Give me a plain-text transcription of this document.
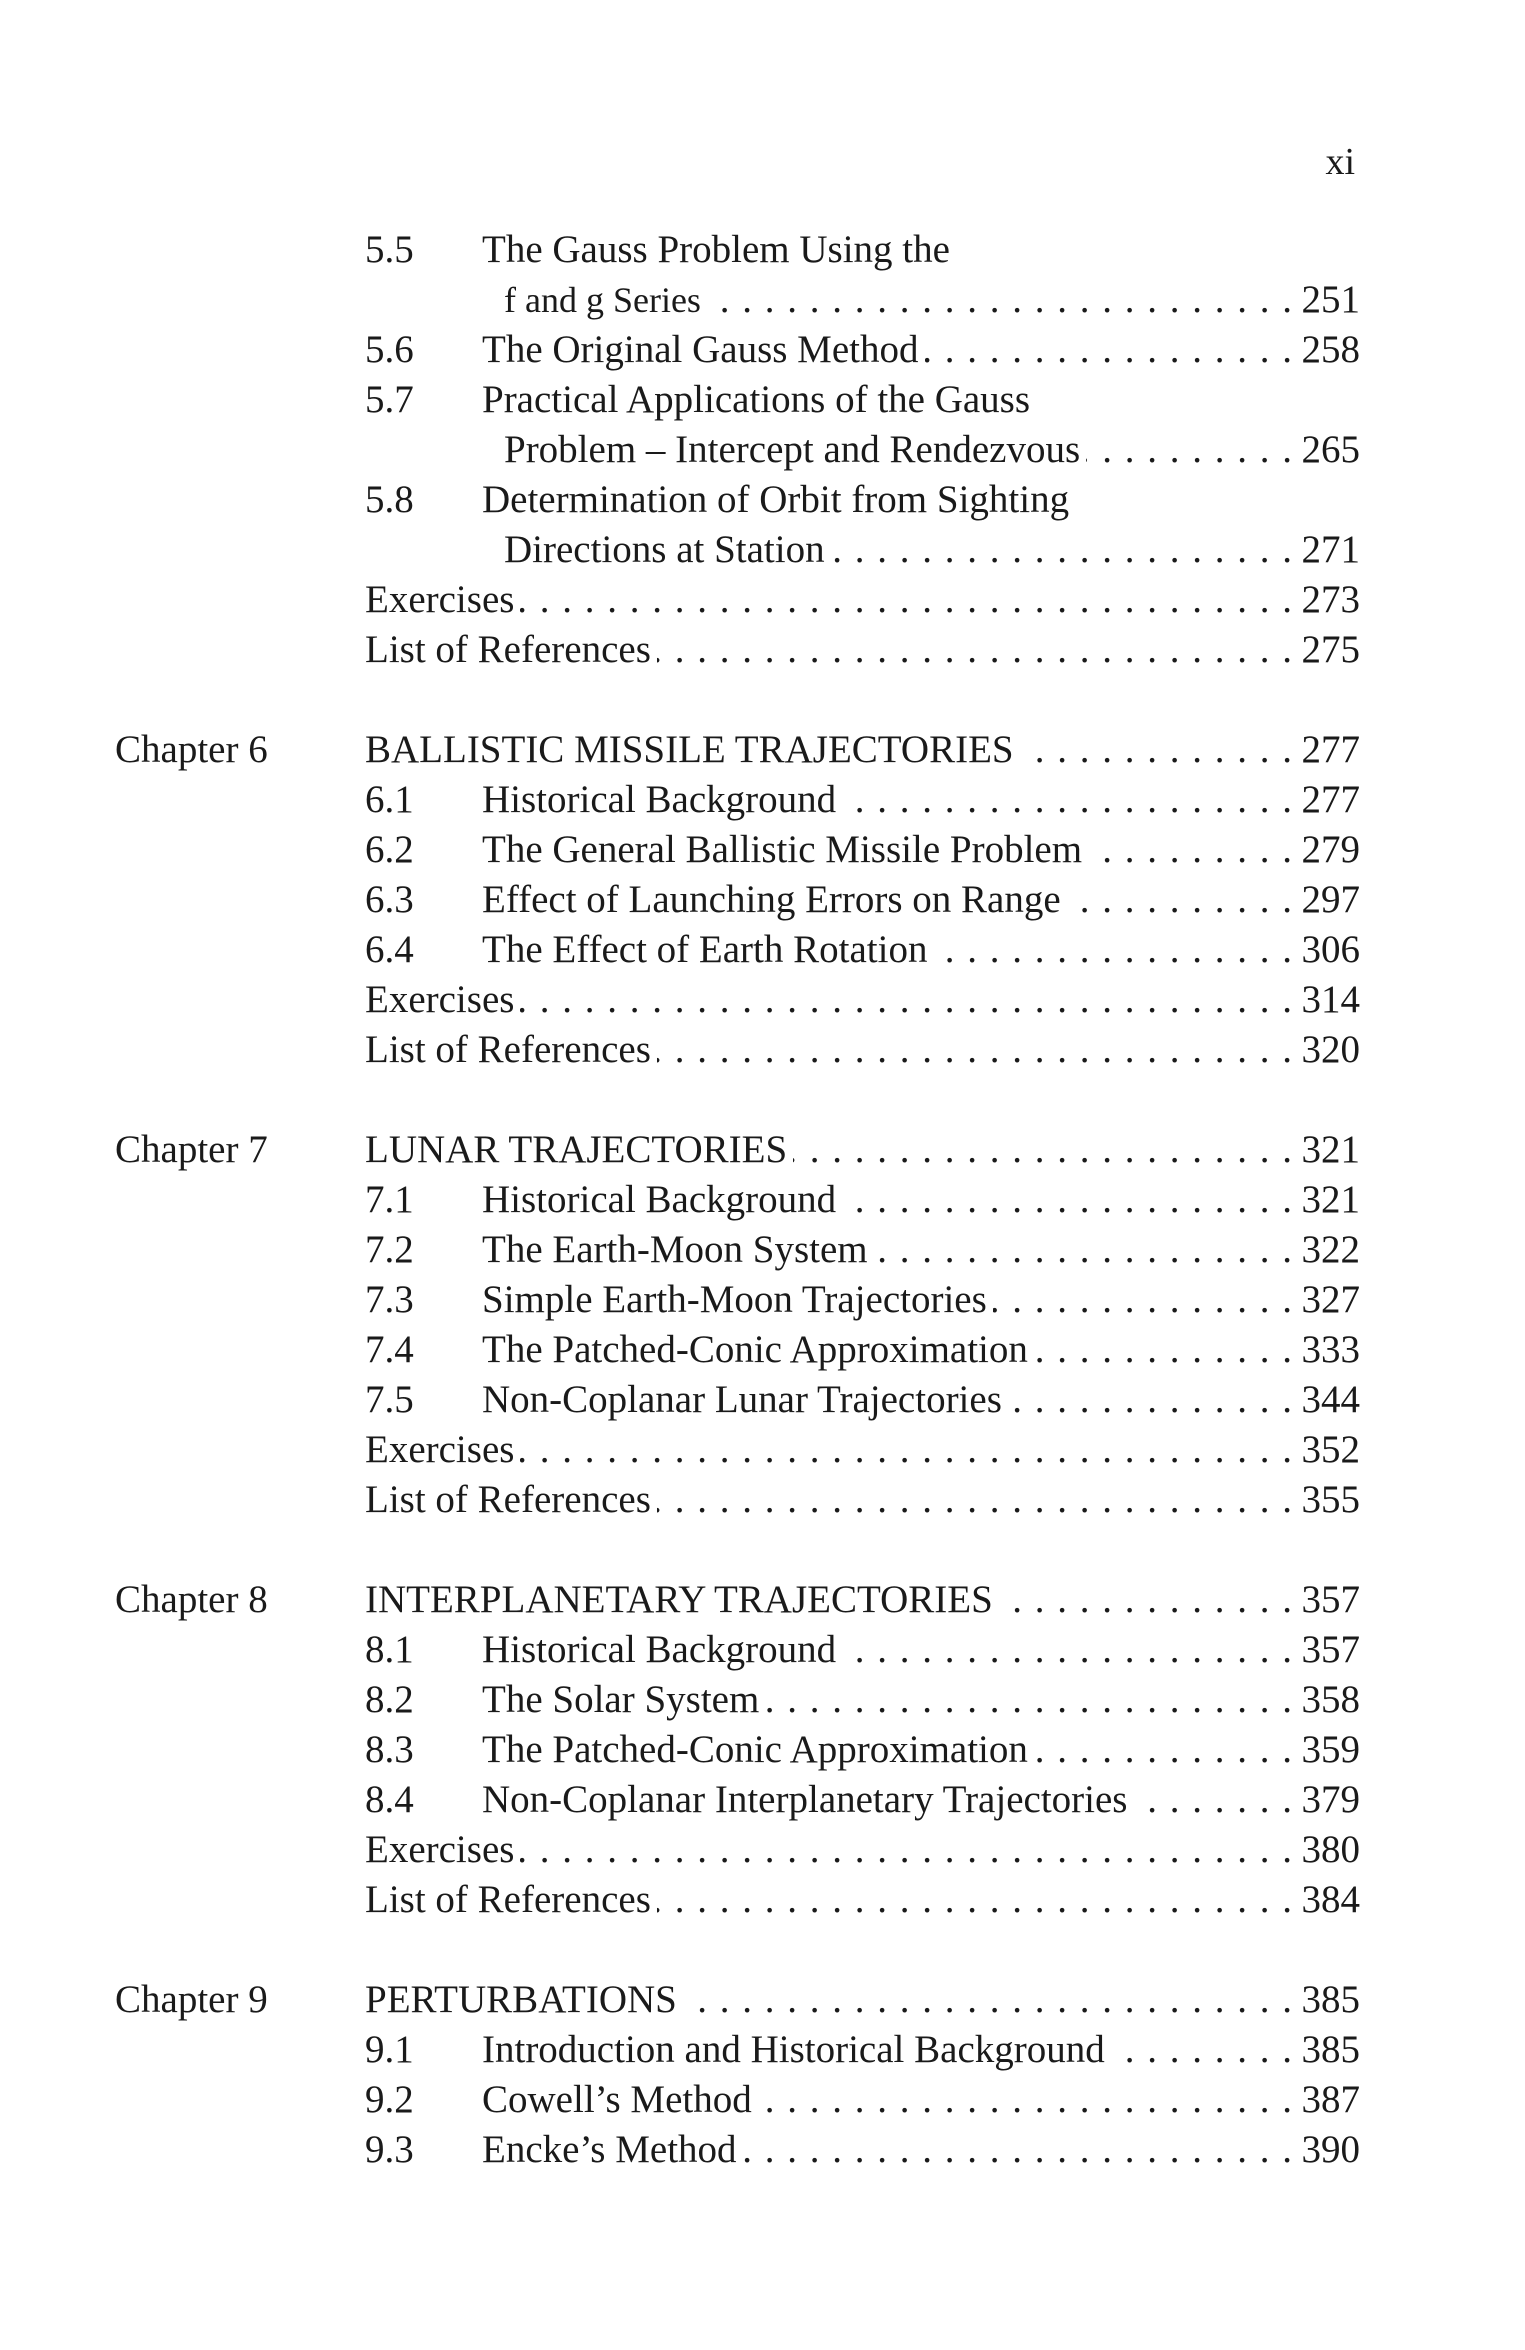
xi
5.5	The Gauss Problem Using the
f and g Series . . .	251
5.6	The Original Gauss Method . . .	258
5.7	Practical Applications of the Gauss
Problem – Intercept and Rendezvous . . .	265
5.8	Determination of Orbit from Sighting
Directions at Station . . .	271
Exercises . . .	273
List of References . . .	275
Chapter 6	BALLISTIC MISSILE TRAJECTORIES . . .	277
6.1	Historical Background . . .	277
6.2	The General Ballistic Missile Problem . . .	279
6.3	Effect of Launching Errors on Range . . .	297
6.4	The Effect of Earth Rotation . . .	306
Exercises . . .	314
List of References . . .	320
Chapter 7	LUNAR TRAJECTORIES . . .	321
7.1	Historical Background . . .	321
7.2	The Earth-Moon System . . .	322
7.3	Simple Earth-Moon Trajectories . . .	327
7.4	The Patched-Conic Approximation . . .	333
7.5	Non-Coplanar Lunar Trajectories . . .	344
Exercises . . .	352
List of References . . .	355
Chapter 8	INTERPLANETARY TRAJECTORIES . . .	357
8.1	Historical Background . . .	357
8.2	The Solar System . . .	358
8.3	The Patched-Conic Approximation . . .	359
8.4	Non-Coplanar Interplanetary Trajectories . . .	379
Exercises . . .	380
List of References . . .	384
Chapter 9	PERTURBATIONS . . .	385
9.1	Introduction and Historical Background . . .	385
9.2	Cowell’s Method . . .	387
9.3	Encke’s Method . . .	390
